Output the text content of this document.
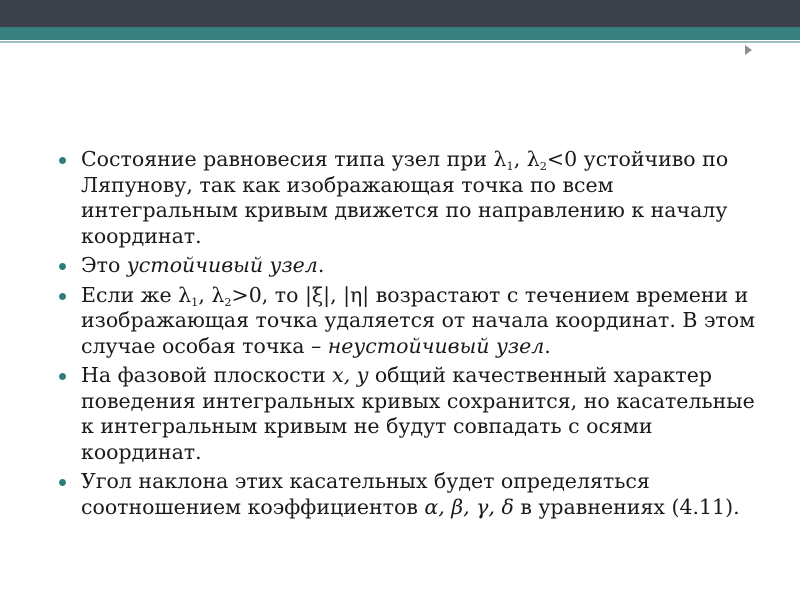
Состояние равновесия типа узел при $\lambda_1$, $\lambda_2<0$ устойчиво по Ляпунову, так как изображающая точка по всем интегральным кривым движется по направлению к началу координат.
Это устойчивый узел.
Если же $\lambda_1$, $\lambda_2>0$, то |ξ|, |η| возрастают с течением времени и изображающая точка удаляется от начала координат. В этом случае особая точка – неустойчивый узел.
На фазовой плоскости x, y общий качественный характер поведения интегральных кривых сохранится, но касательные к интегральным кривым не будут совпадать с осями координат.
Угол наклона этих касательных будет определяться соотношением коэффициентов α, β, γ, δ в уравнениях (4.11).
